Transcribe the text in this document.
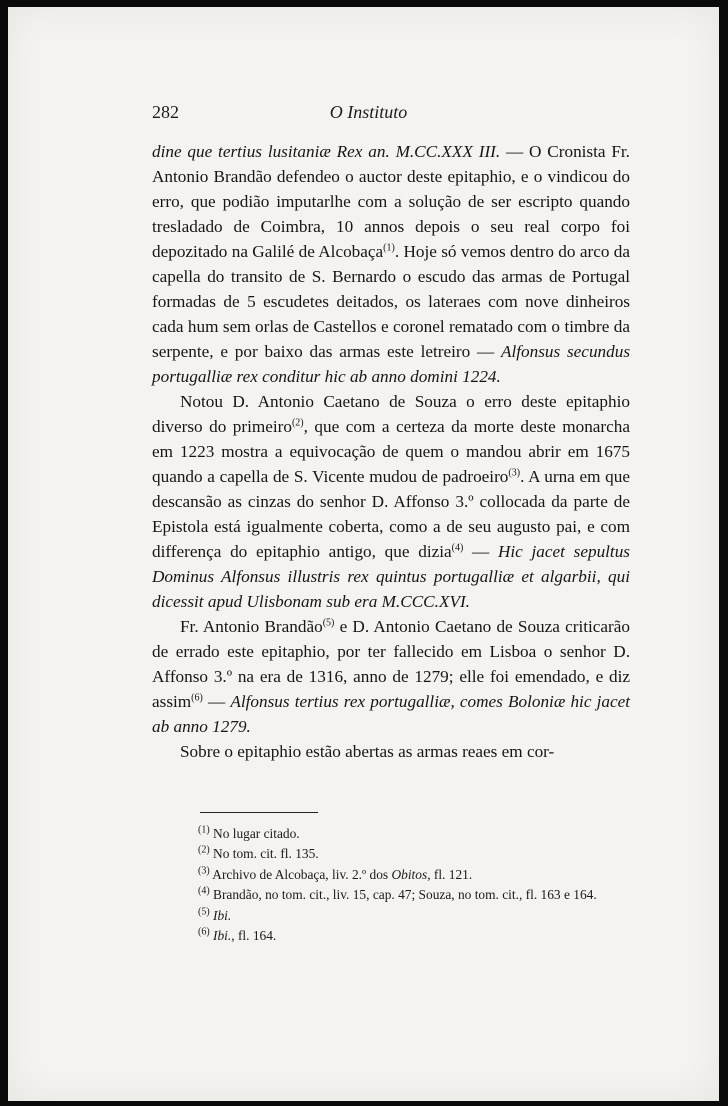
282	O Instituto

dine que tertius lusitaniæ Rex an. M.CC.XXX III. — O Cronista Fr. Antonio Brandão defendeo o auctor deste epitaphio, e o vindicou do erro, que podião imputarlhe com a solução de ser escripto quando tresladado de Coimbra, 10 annos depois o seu real corpo foi depozitado na Galilé de Alcobaça$^{(1)}$. Hoje só vemos dentro do arco da capella do transito de S. Bernardo o escudo das armas de Portugal formadas de 5 escudetes deitados, os lateraes com nove dinheiros cada hum sem orlas de Castellos e coronel rematado com o timbre da serpente, e por baixo das armas este letreiro — Alfonsus secundus portugalliæ rex conditur hic ab anno domini 1224.

Notou D. Antonio Caetano de Souza o erro deste epitaphio diverso do primeiro$^{(2)}$, que com a certeza da morte deste monarcha em 1223 mostra a equivocação de quem o mandou abrir em 1675 quando a capella de S. Vicente mudou de padroeiro$^{(3)}$. A urna em que descansão as cinzas do senhor D. Affonso 3.º collocada da parte de Epistola está igualmente coberta, como a de seu augusto pai, e com differença do epitaphio antigo, que dizia$^{(4)}$ — Hic jacet sepultus Dominus Alfonsus illustris rex quintus portugalliæ et algarbii, qui dicessit apud Ulisbonam sub era M.CCC.XVI.

Fr. Antonio Brandão$^{(5)}$ e D. Antonio Caetano de Souza criticarão de errado este epitaphio, por ter fallecido em Lisboa o senhor D. Affonso 3.º na era de 1316, anno de 1279; elle foi emendado, e diz assim$^{(6)}$ — Alfonsus tertius rex portugalliæ, comes Boloniæ hic jacet ab anno 1279.

Sobre o epitaphio estão abertas as armas reaes em cor-

$^{(1)}$ No lugar citado.
$^{(2)}$ No tom. cit. fl. 135.
$^{(3)}$ Archivo de Alcobaça, liv. 2.º dos Obitos, fl. 121.
$^{(4)}$ Brandão, no tom. cit., liv. 15, cap. 47; Souza, no tom. cit., fl. 163 e 164.
$^{(5)}$ Ibi.
$^{(6)}$ Ibi., fl. 164.
